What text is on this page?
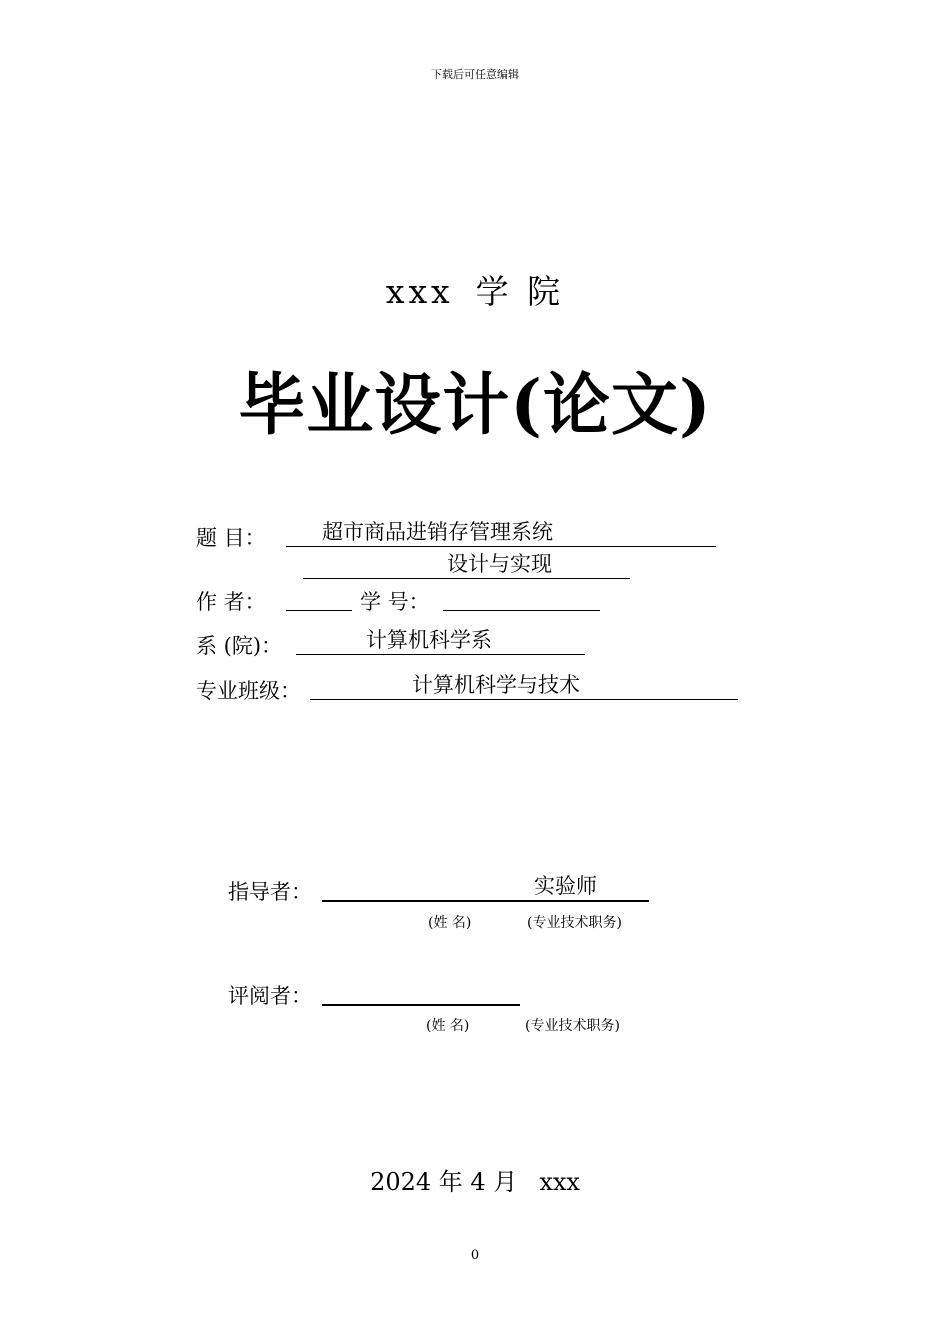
下载后可任意编辑
xxx 学 院
毕业设计(论文)
题 目：	超市商品进销存管理系统
设计与实现
作 者：	学 号：
系 (院)：	计算机科学系
专业班级：	计算机科学与技术
指导者：	实验师
(姓 名)	(专业技术职务)
评阅者：
(姓 名)	(专业技术职务)
2024 年 4 月 xxx
0
